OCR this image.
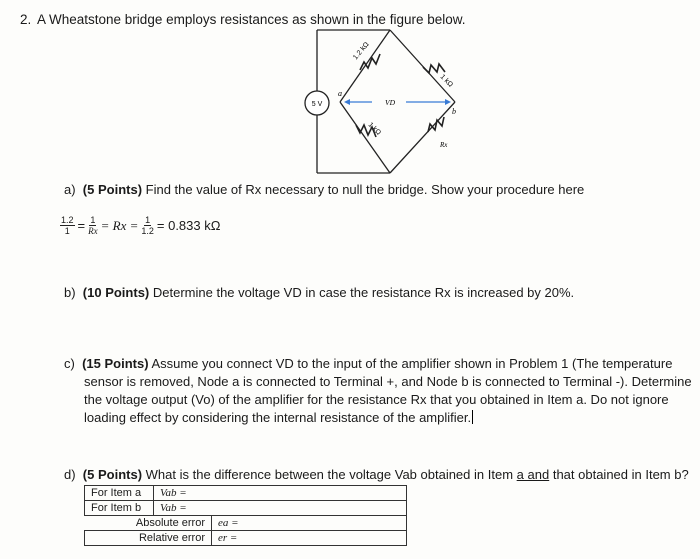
2. A Wheatstone bridge employs resistances as shown in the figure below.
5 V
1.2 kΩ
1 kΩ
1 kΩ
Rx
a
b
VD
a) (5 Points) Find the value of Rx necessary to null the bridge. Show your procedure here
$\frac{1.2}{1} = \frac{1}{Rx} = Rx = \frac{1}{1.2} = 0.833$ kΩ
b) (10 Points) Determine the voltage VD in case the resistance Rx is increased by 20%.
c) (15 Points) Assume you connect VD to the input of the amplifier shown in Problem 1 (The temperature
sensor is removed, Node a is connected to Terminal +, and Node b is connected to Terminal -). Determine
the voltage output (Vo) of the amplifier for the resistance Rx that you obtained in Item a. Do not ignore
loading effect by considering the internal resistance of the amplifier.
d) (5 Points) What is the difference between the voltage Vab obtained in Item a and that obtained in Item b?
For Item a	Vab =	
For Item b	Vab =	
Absolute error		ea =
Relative error		er =
